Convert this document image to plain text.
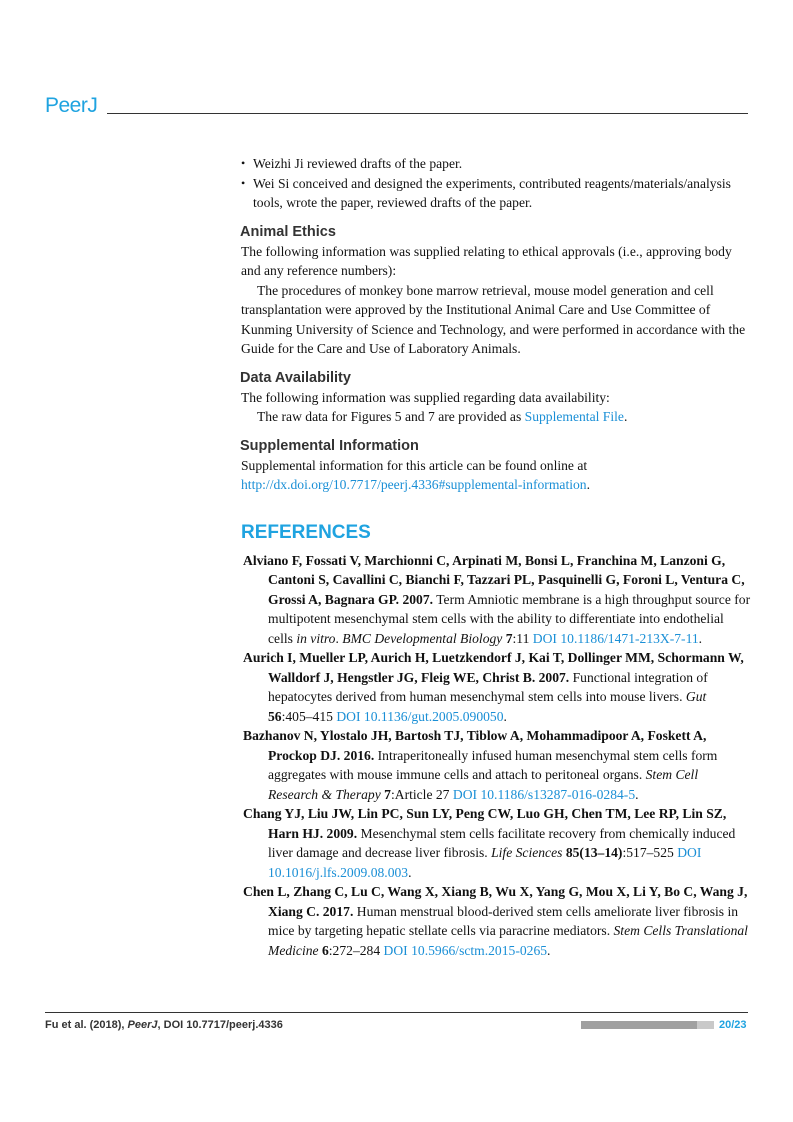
PeerJ
• Weizhi Ji reviewed drafts of the paper.
• Wei Si conceived and designed the experiments, contributed reagents/materials/analysis tools, wrote the paper, reviewed drafts of the paper.
Animal Ethics

The following information was supplied relating to ethical approvals (i.e., approving body and any reference numbers):

The procedures of monkey bone marrow retrieval, mouse model generation and cell transplantation were approved by the Institutional Animal Care and Use Committee of Kunming University of Science and Technology, and were performed in accordance with the Guide for the Care and Use of Laboratory Animals.

Data Availability

The following information was supplied regarding data availability:

The raw data for Figures 5 and 7 are provided as Supplemental File.

Supplemental Information

Supplemental information for this article can be found online at http://dx.doi.org/10.7717/peerj.4336#supplemental-information.

REFERENCES

Alviano F, Fossati V, Marchionni C, Arpinati M, Bonsi L, Franchina M, Lanzoni G, Cantoni S, Cavallini C, Bianchi F, Tazzari PL, Pasquinelli G, Foroni L, Ventura C, Grossi A, Bagnara GP. 2007. Term Amniotic membrane is a high throughput source for multipotent mesenchymal stem cells with the ability to differentiate into endothelial cells in vitro. BMC Developmental Biology 7:11 DOI 10.1186/1471-213X-7-11.

Aurich I, Mueller LP, Aurich H, Luetzkendorf J, Kai T, Dollinger MM, Schormann W, Walldorf J, Hengstler JG, Fleig WE, Christ B. 2007. Functional integration of hepatocytes derived from human mesenchymal stem cells into mouse livers. Gut 56:405–415 DOI 10.1136/gut.2005.090050.

Bazhanov N, Ylostalo JH, Bartosh TJ, Tiblow A, Mohammadipoor A, Foskett A, Prockop DJ. 2016. Intraperitoneally infused human mesenchymal stem cells form aggregates with mouse immune cells and attach to peritoneal organs. Stem Cell Research & Therapy 7:Article 27 DOI 10.1186/s13287-016-0284-5.

Chang YJ, Liu JW, Lin PC, Sun LY, Peng CW, Luo GH, Chen TM, Lee RP, Lin SZ, Harn HJ. 2009. Mesenchymal stem cells facilitate recovery from chemically induced liver damage and decrease liver fibrosis. Life Sciences 85(13–14):517–525 DOI 10.1016/j.lfs.2009.08.003.

Chen L, Zhang C, Lu C, Wang X, Xiang B, Wu X, Yang G, Mou X, Li Y, Bo C, Wang J, Xiang C. 2017. Human menstrual blood-derived stem cells ameliorate liver fibrosis in mice by targeting hepatic stellate cells via paracrine mediators. Stem Cells Translational Medicine 6:272–284 DOI 10.5966/sctm.2015-0265.

Fu et al. (2018), PeerJ, DOI 10.7717/peerj.4336	20/23
